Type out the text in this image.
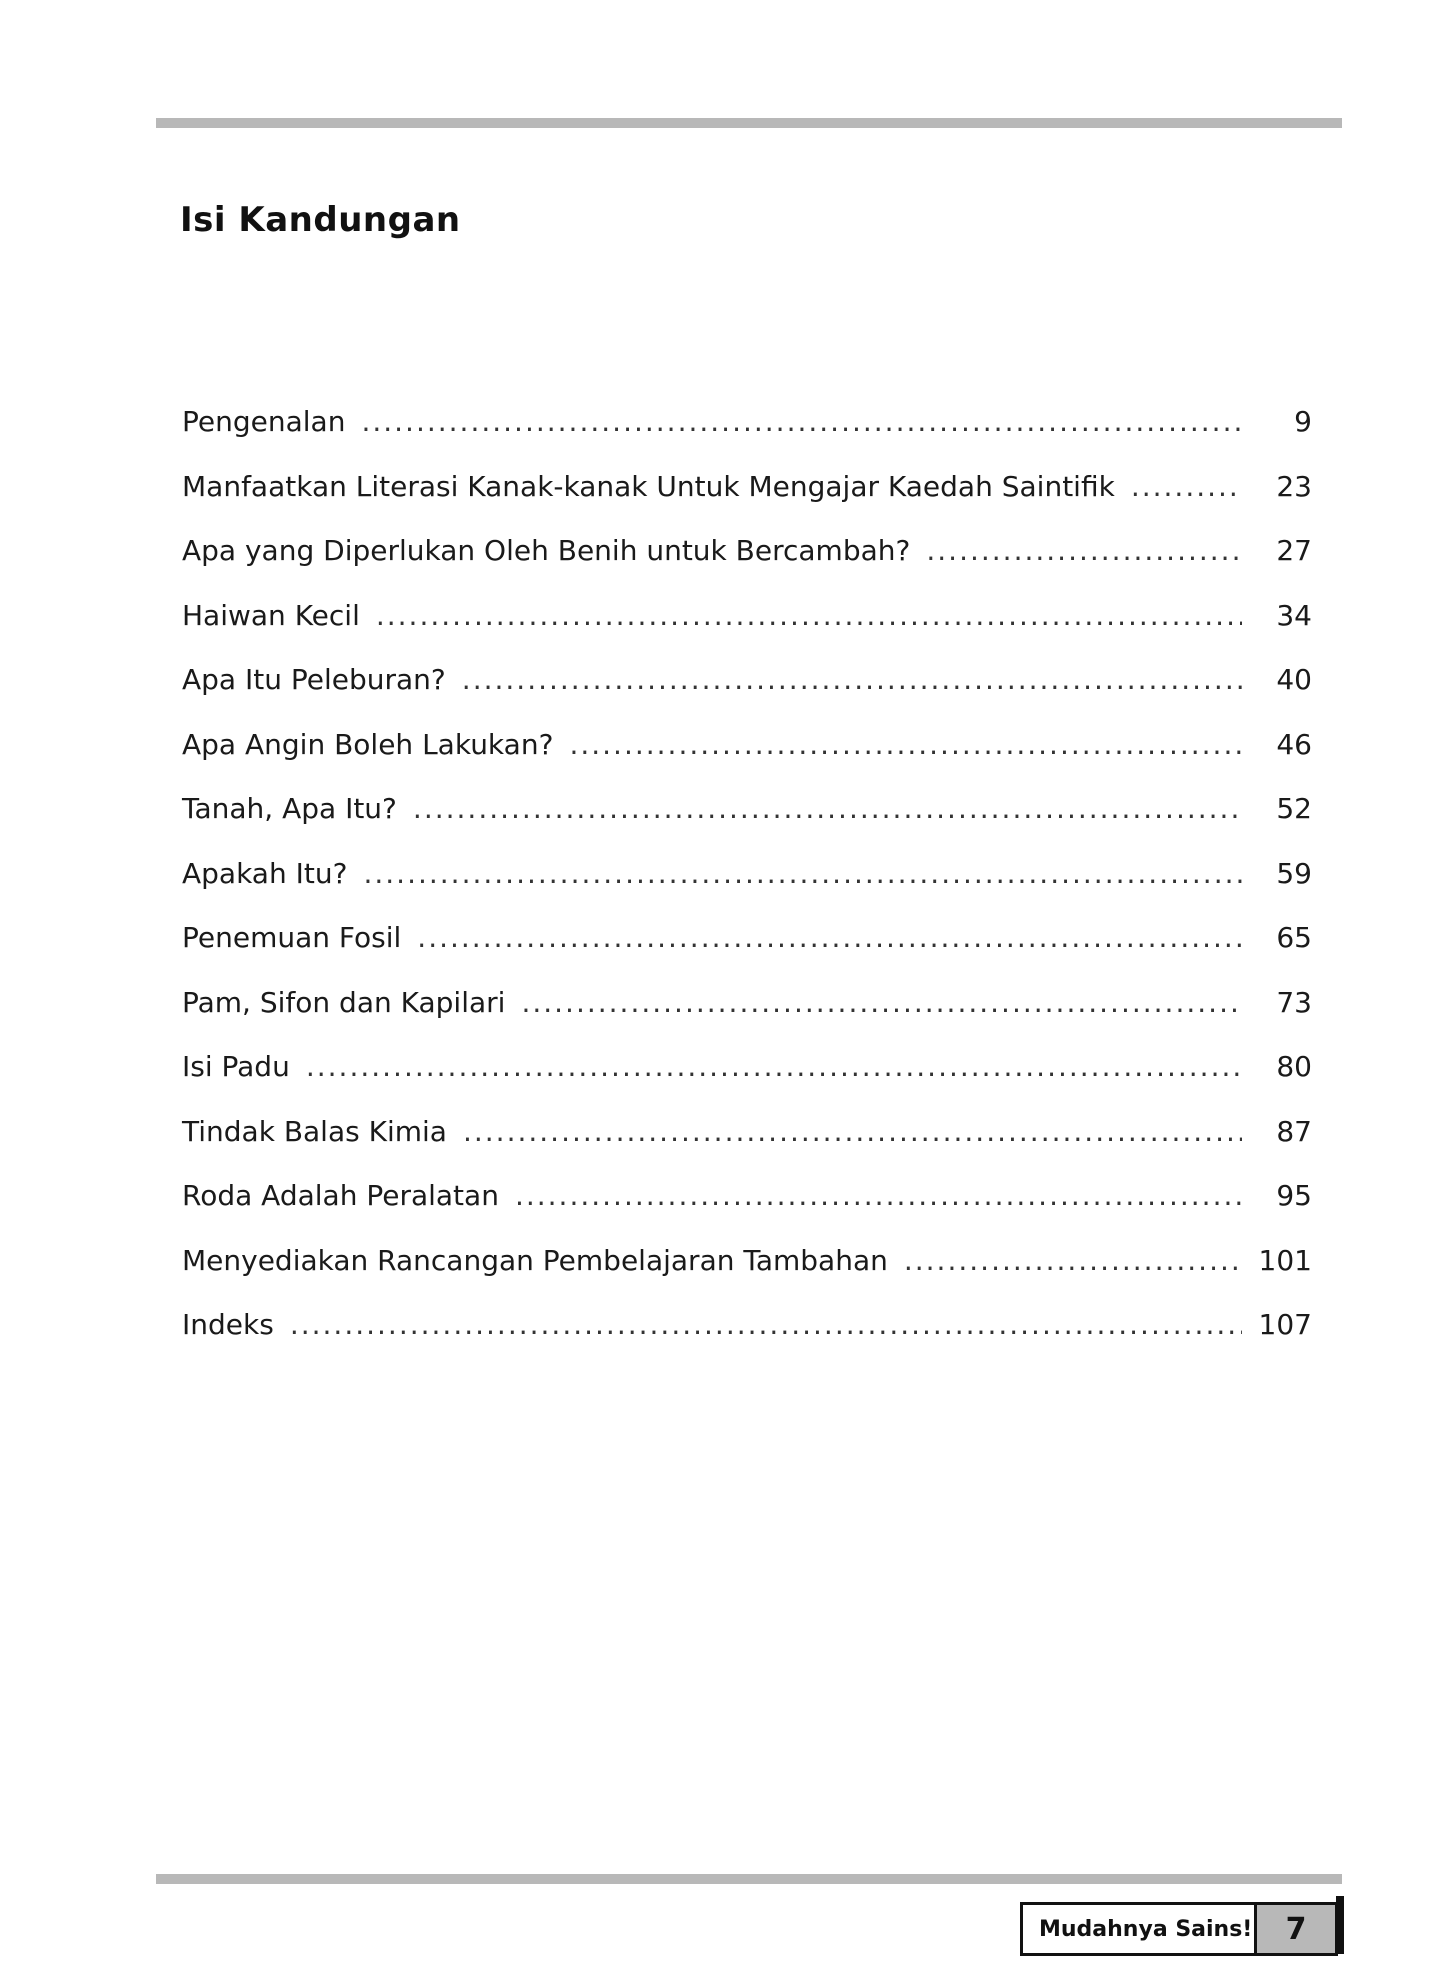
Isi Kandungan
Pengenalan .....	9
Manfaatkan Literasi Kanak-kanak Untuk Mengajar Kaedah Saintifik .....	23
Apa yang Diperlukan Oleh Benih untuk Bercambah? .....	27
Haiwan Kecil .....	34
Apa Itu Peleburan? .....	40
Apa Angin Boleh Lakukan? .....	46
Tanah, Apa Itu? .....	52
Apakah Itu? .....	59
Penemuan Fosil .....	65
Pam, Sifon dan Kapilari .....	73
Isi Padu .....	80
Tindak Balas Kimia .....	87
Roda Adalah Peralatan .....	95
Menyediakan Rancangan Pembelajaran Tambahan .....	101
Indeks .....	107
Mudahnya Sains!	7
